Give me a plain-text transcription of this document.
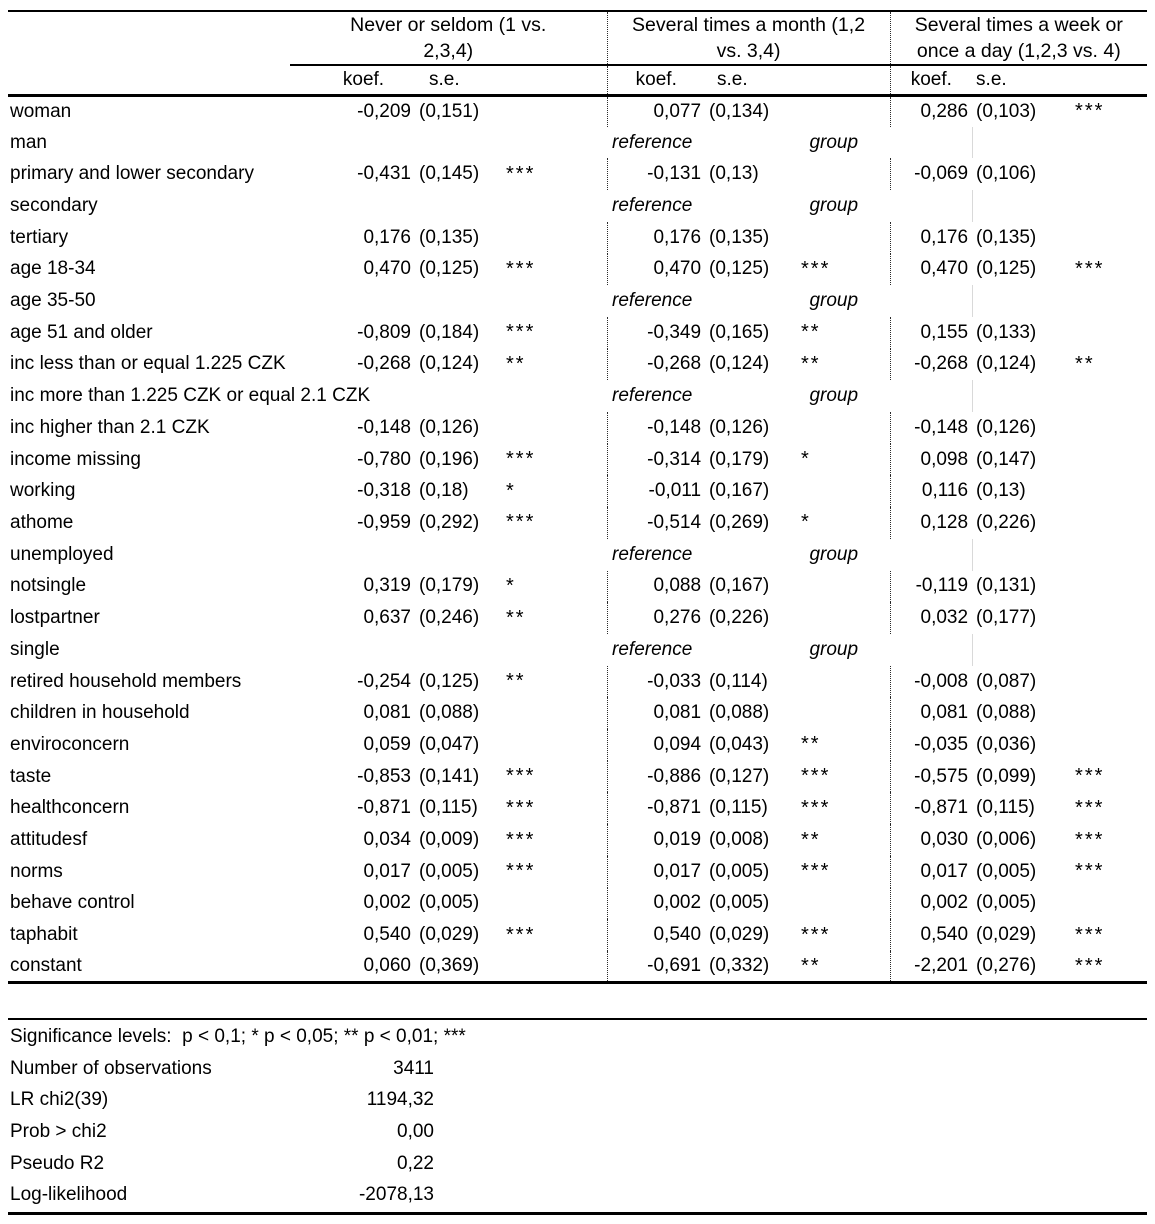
Never or seldom (1 vs.
2,3,4)

Several times a month (1,2
vs. 3,4)

Several times a week or
once a day (1,2,3 vs. 4)

	koef.	s.e.		koef.	s.e.		koef.	s.e.	
woman	-0,209	(0,151)		0,077	(0,134)		0,286	(0,103)	***
man				reference group					

primary and lower secondary	-0,431	(0,145)	***	-0,131	(0,13)		-0,069	(0,106)	
secondary				reference group					

tertiary	0,176	(0,135)		0,176	(0,135)		0,176	(0,135)	
age 18-34	0,470	(0,125)	***	0,470	(0,125)	***	0,470	(0,125)	***
age 35-50				reference group					

age 51 and older	-0,809	(0,184)	***	-0,349	(0,165)	**	0,155	(0,133)	
inc less than or equal 1.225 CZK	-0,268	(0,124)	**	-0,268	(0,124)	**	-0,268	(0,124)	**
inc more than 1.225 CZK or equal 2.1 CZK				reference group					

inc higher than 2.1 CZK	-0,148	(0,126)		-0,148	(0,126)		-0,148	(0,126)	
income missing	-0,780	(0,196)	***	-0,314	(0,179)	*	0,098	(0,147)	
working	-0,318	(0,18)	*	-0,011	(0,167)		0,116	(0,13)	
athome	-0,959	(0,292)	***	-0,514	(0,269)	*	0,128	(0,226)	
unemployed				reference group					

notsingle	0,319	(0,179)	*	0,088	(0,167)		-0,119	(0,131)	
lostpartner	0,637	(0,246)	**	0,276	(0,226)		0,032	(0,177)	
single				reference group					

retired household members	-0,254	(0,125)	**	-0,033	(0,114)		-0,008	(0,087)	
children in household	0,081	(0,088)		0,081	(0,088)		0,081	(0,088)	
enviroconcern	0,059	(0,047)		0,094	(0,043)	**	-0,035	(0,036)	
taste	-0,853	(0,141)	***	-0,886	(0,127)	***	-0,575	(0,099)	***
healthconcern	-0,871	(0,115)	***	-0,871	(0,115)	***	-0,871	(0,115)	***
attitudesf	0,034	(0,009)	***	0,019	(0,008)	**	0,030	(0,006)	***
norms	0,017	(0,005)	***	0,017	(0,005)	***	0,017	(0,005)	***
behave control	0,002	(0,005)		0,002	(0,005)		0,002	(0,005)	
taphabit	0,540	(0,029)	***	0,540	(0,029)	***	0,540	(0,029)	***
constant	0,060	(0,369)		-0,691	(0,332)	**	-2,201	(0,276)	***
Significance levels:  p < 0,1; * p < 0,05; ** p < 0,01; ***
Number of observations	3411
LR chi2(39)	1194,32
Prob > chi2	0,00
Pseudo R2	0,22
Log-likelihood	-2078,13
